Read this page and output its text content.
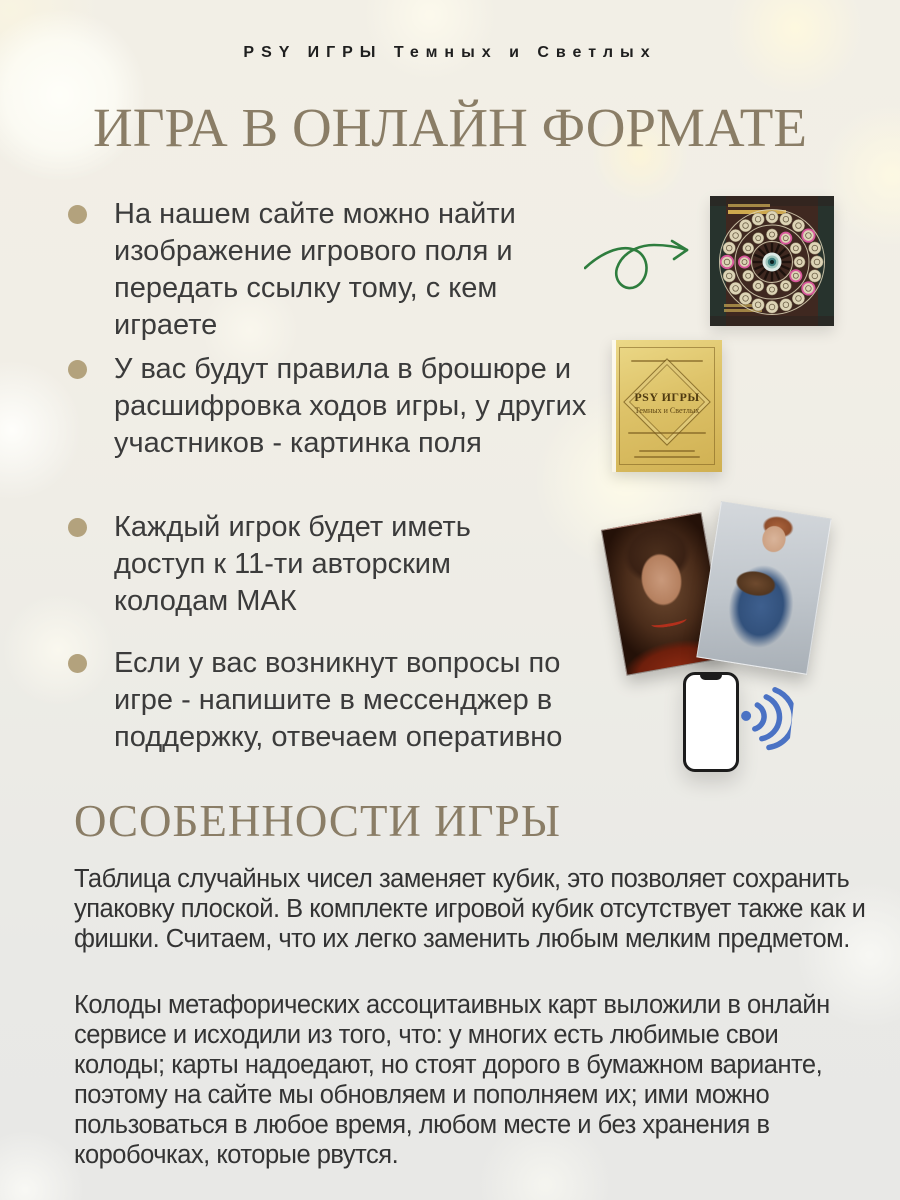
PSY ИГРЫ Темных и Светлых
ИГРА В ОНЛАЙН ФОРМАТЕ
На нашем сайте можно найти изображение игрового поля и передать ссылку тому, с кем играете
У вас будут правила в брошюре и расшифровка ходов игры, у других участников - картинка поля
Каждый игрок будет иметь доступ к 11-ти авторским колодам МАК
Если у вас возникнут вопросы по игре - напишите в мессенджер в поддержку, отвечаем оперативно
PSY ИГРЫ
Темных и Светлых
ОСОБЕННОСТИ ИГРЫ

Таблица случайных чисел заменяет кубик, это позволяет сохранить упаковку плоской. В комплекте игровой кубик отсутствует также как и фишки. Считаем, что их легко заменить любым мелким предметом.

Колоды метафорических ассоцитаивных карт выложили в онлайн сервисе и исходили из того, что: у многих есть любимые свои колоды; карты надоедают, но стоят дорого в бумажном варианте, поэтому на сайте мы обновляем и пополняем их; ими можно пользоваться в любое время, любом месте и без хранения в коробочках, которые рвутся.
